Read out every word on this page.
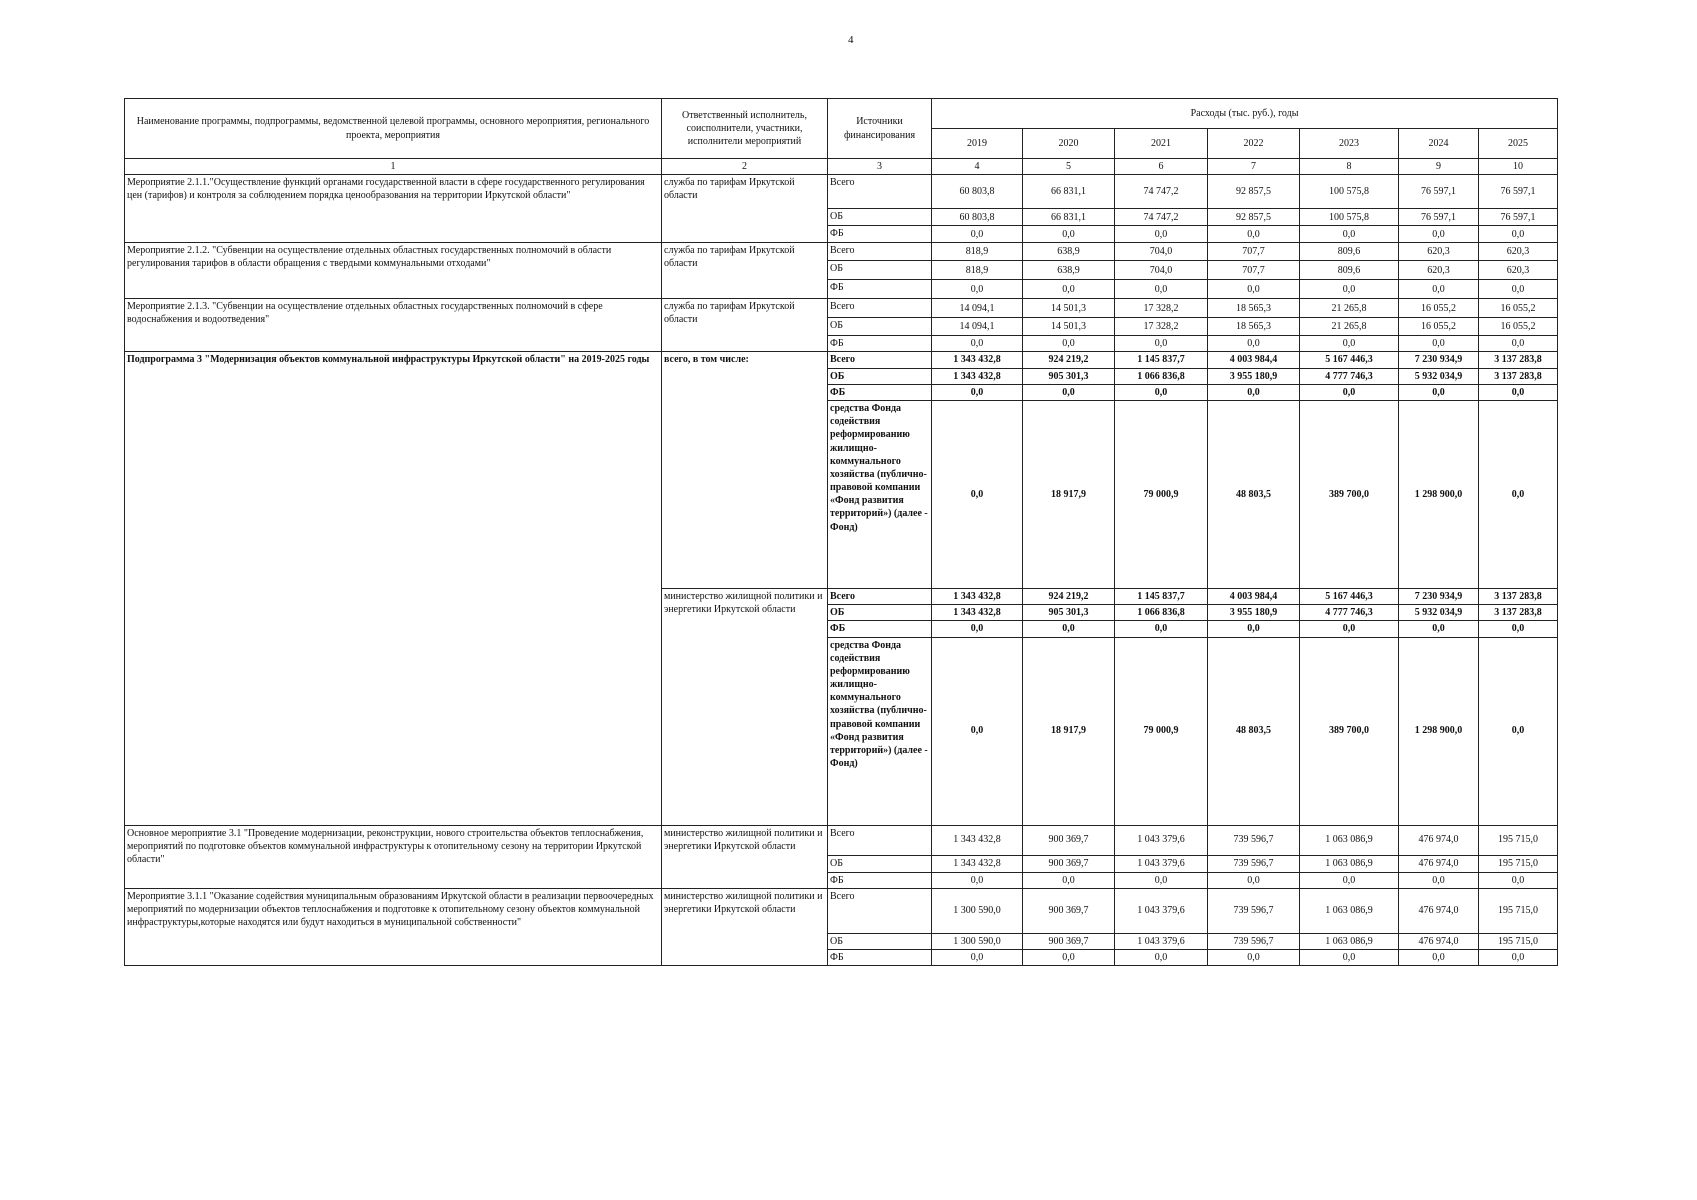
4
Наименование программы, подпрограммы, ведомственной целевой программы, основного мероприятия, регионального проекта, мероприятия	Ответственный исполнитель, соисполнители, участники, исполнители мероприятий	Источники финансирования	Расходы (тыс. руб.), годы						
			2019	2020	2021	2022	2023	2024	2025
1	2	3	4	5	6	7	8	9	10
Мероприятие 2.1.1."Осуществление функций органами государственной власти в сфере государственного регулирования цен (тарифов) и контроля за соблюдением порядка ценообразования на территории Иркутской области"	служба по тарифам Иркутской области	Всего	60 803,8	66 831,1	74 747,2	92 857,5	100 575,8	76 597,1	76 597,1
		ОБ	60 803,8	66 831,1	74 747,2	92 857,5	100 575,8	76 597,1	76 597,1
		ФБ	0,0	0,0	0,0	0,0	0,0	0,0	0,0
Мероприятие 2.1.2. "Субвенции на осуществление отдельных областных государственных полномочий в области регулирования тарифов в области обращения с твердыми коммунальными отходами"	служба по тарифам Иркутской области	Всего	818,9	638,9	704,0	707,7	809,6	620,3	620,3
		ОБ	818,9	638,9	704,0	707,7	809,6	620,3	620,3
		ФБ	0,0	0,0	0,0	0,0	0,0	0,0	0,0
Мероприятие 2.1.3. "Субвенции на осуществление отдельных областных государственных полномочий в сфере водоснабжения и водоотведения"	служба по тарифам Иркутской области	Всего	14 094,1	14 501,3	17 328,2	18 565,3	21 265,8	16 055,2	16 055,2
		ОБ	14 094,1	14 501,3	17 328,2	18 565,3	21 265,8	16 055,2	16 055,2
		ФБ	0,0	0,0	0,0	0,0	0,0	0,0	0,0
Подпрограмма 3 "Модернизация объектов коммунальной инфраструктуры Иркутской области" на 2019-2025 годы	всего, в том числе:	Всего	1 343 432,8	924 219,2	1 145 837,7	4 003 984,4	5 167 446,3	7 230 934,9	3 137 283,8
		ОБ	1 343 432,8	905 301,3	1 066 836,8	3 955 180,9	4 777 746,3	5 932 034,9	3 137 283,8
		ФБ	0,0	0,0	0,0	0,0	0,0	0,0	0,0
		средства Фонда содействия реформированию жилищно-коммунального хозяйства (публично-правовой компании «Фонд развития территорий») (далее - Фонд)	0,0	18 917,9	79 000,9	48 803,5	389 700,0	1 298 900,0	0,0
	министерство жилищной политики и энергетики Иркутской области	Всего	1 343 432,8	924 219,2	1 145 837,7	4 003 984,4	5 167 446,3	7 230 934,9	3 137 283,8
		ОБ	1 343 432,8	905 301,3	1 066 836,8	3 955 180,9	4 777 746,3	5 932 034,9	3 137 283,8
		ФБ	0,0	0,0	0,0	0,0	0,0	0,0	0,0
		средства Фонда содействия реформированию жилищно-коммунального хозяйства (публично-правовой компании «Фонд развития территорий») (далее - Фонд)	0,0	18 917,9	79 000,9	48 803,5	389 700,0	1 298 900,0	0,0
Основное мероприятие 3.1 "Проведение модернизации, реконструкции, нового строительства объектов теплоснабжения, мероприятий по подготовке объектов коммунальной инфраструктуры к отопительному сезону на территории Иркутской области"	министерство жилищной политики и энергетики Иркутской области	Всего	1 343 432,8	900 369,7	1 043 379,6	739 596,7	1 063 086,9	476 974,0	195 715,0
		ОБ	1 343 432,8	900 369,7	1 043 379,6	739 596,7	1 063 086,9	476 974,0	195 715,0
		ФБ	0,0	0,0	0,0	0,0	0,0	0,0	0,0
Мероприятие 3.1.1 "Оказание содействия муниципальным образованиям Иркутской области в реализации первоочередных мероприятий по модернизации объектов теплоснабжения и подготовке к отопительному сезону объектов коммунальной инфраструктуры,которые находятся или будут находиться в муниципальной собственности"	министерство жилищной политики и энергетики Иркутской области	Всего	1 300 590,0	900 369,7	1 043 379,6	739 596,7	1 063 086,9	476 974,0	195 715,0
		ОБ	1 300 590,0	900 369,7	1 043 379,6	739 596,7	1 063 086,9	476 974,0	195 715,0
		ФБ	0,0	0,0	0,0	0,0	0,0	0,0	0,0
